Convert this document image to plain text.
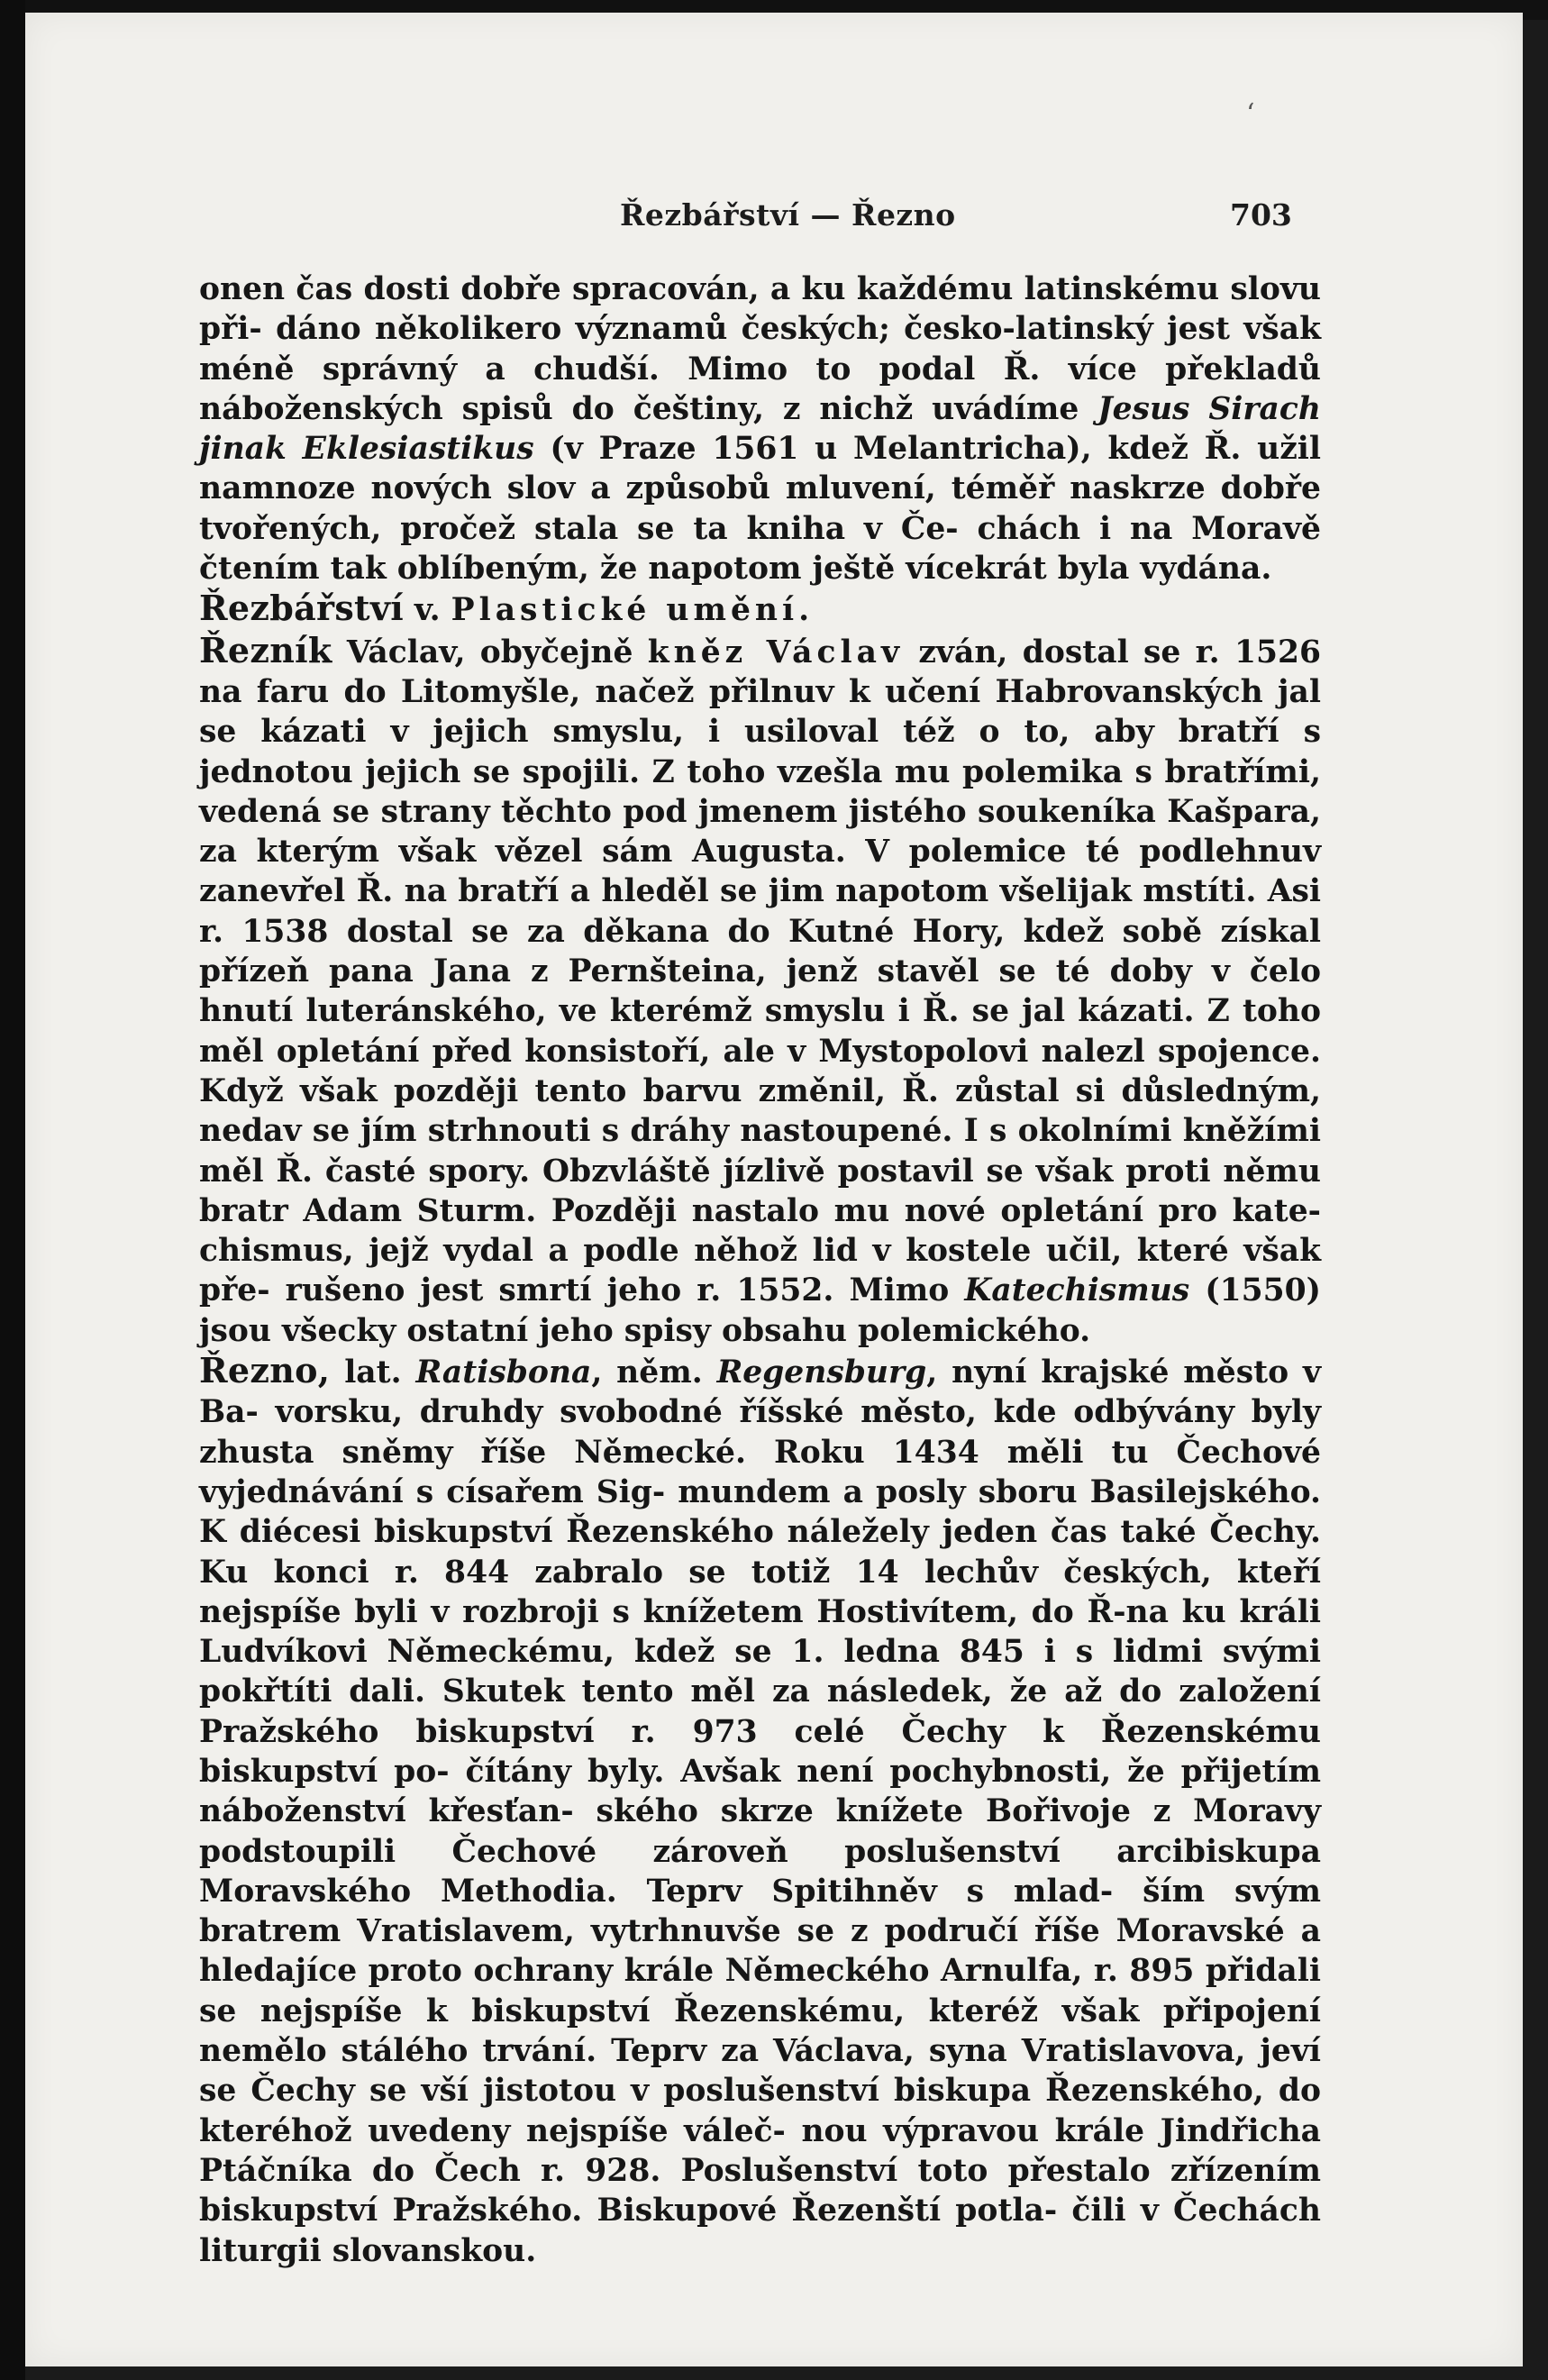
Řezbářství — Řezno	703
‘

onen čas dosti dobře spracován, a ku každému latinskému slovu při- dáno několikero významů českých; česko-latinský jest však méně správný a chudší. Mimo to podal Ř. více překladů náboženských spisů do češtiny, z nichž uvádíme Jesus Sirach jinak Eklesiastikus (v Praze 1561 u Melantricha), kdež Ř. užil namnoze nových slov a způsobů mluvení, téměř naskrze dobře tvořených, pročež stala se ta kniha v Če- chách i na Moravě čtením tak oblíbeným, že napotom ještě vícekrát byla vydána.

Řezbářství v. Plastické umění.

Řezník Václav, obyčejně kněz Václav zván, dostal se r. 1526 na faru do Litomyšle, načež přilnuv k učení Habrovanských jal se kázati v jejich smyslu, i usiloval též o to, aby bratří s jednotou jejich se spojili. Z toho vzešla mu polemika s bratřími, vedená se strany těchto pod jmenem jistého soukeníka Kašpara, za kterým však vězel sám Augusta. V polemice té podlehnuv zanevřel Ř. na bratří a hleděl se jim napotom všelijak mstíti. Asi r. 1538 dostal se za děkana do Kutné Hory, kdež sobě získal přízeň pana Jana z Pernšteina, jenž stavěl se té doby v čelo hnutí luteránského, ve kterémž smyslu i Ř. se jal kázati. Z toho měl opletání před konsistoří, ale v Mystopolovi nalezl spojence. Když však později tento barvu změnil, Ř. zůstal si důsledným, nedav se jím strhnouti s dráhy nastoupené. I s okolními kněžími měl Ř. časté spory. Obzvláště jízlivě postavil se však proti němu bratr Adam Sturm. Později nastalo mu nové opletání pro kate- chismus, jejž vydal a podle něhož lid v kostele učil, které však pře- rušeno jest smrtí jeho r. 1552. Mimo Katechismus (1550) jsou všecky ostatní jeho spisy obsahu polemického.

Řezno, lat. Ratisbona, něm. Regensburg, nyní krajské město v Ba- vorsku, druhdy svobodné říšské město, kde odbývány byly zhusta sněmy říše Německé. Roku 1434 měli tu Čechové vyjednávání s císařem Sig- mundem a posly sboru Basilejského. K diécesi biskupství Řezenského náležely jeden čas také Čechy. Ku konci r. 844 zabralo se totiž 14 lechův českých, kteří nejspíše byli v rozbroji s knížetem Hostivítem, do Ř-na ku králi Ludvíkovi Německému, kdež se 1. ledna 845 i s lidmi svými pokřtíti dali. Skutek tento měl za následek, že až do založení Pražského biskupství r. 973 celé Čechy k Řezenskému biskupství po- čítány byly. Avšak není pochybnosti, že přijetím náboženství křesťan- ského skrze knížete Bořivoje z Moravy podstoupili Čechové zároveň poslušenství arcibiskupa Moravského Methodia. Teprv Spitihněv s mlad- ším svým bratrem Vratislavem, vytrhnuvše se z područí říše Moravské a hledajíce proto ochrany krále Německého Arnulfa, r. 895 přidali se nejspíše k biskupství Řezenskému, kteréž však připojení nemělo stálého trvání. Teprv za Václava, syna Vratislavova, jeví se Čechy se vší jistotou v poslušenství biskupa Řezenského, do kteréhož uvedeny nejspíše váleč- nou výpravou krále Jindřicha Ptáčníka do Čech r. 928. Poslušenství toto přestalo zřízením biskupství Pražského. Biskupové Řezenští potla- čili v Čechách liturgii slovanskou.
